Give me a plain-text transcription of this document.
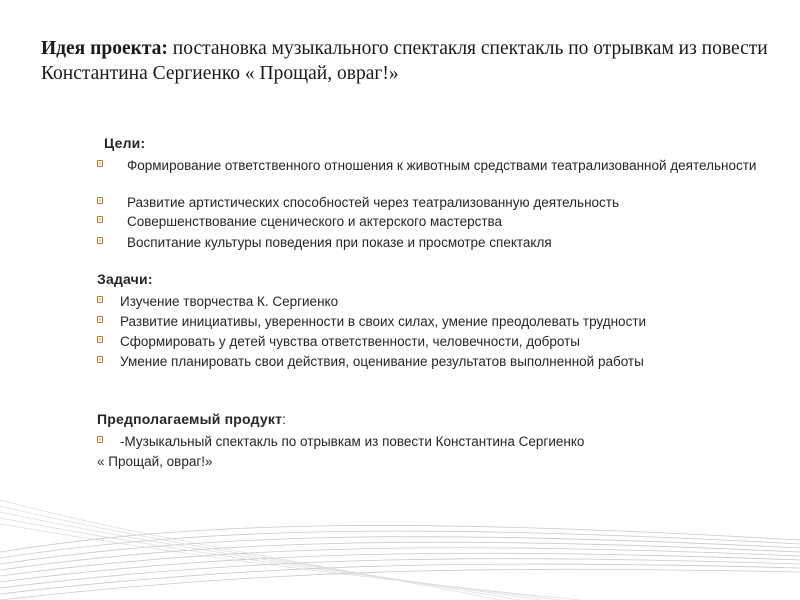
Идея проекта: постановка музыкального спектакля спектакль по отрывкам из повести Константина Сергиенко « Прощай, овраг!»
Цели:
Формирование ответственного отношения к животным средствами театрализованной деятельности
Развитие артистических способностей через театрализованную деятельность
Совершенствование сценического и актерского мастерства
Воспитание культуры поведения при показе и просмотре спектакля
Задачи:
Изучение творчества К. Сергиенко
Развитие инициативы, уверенности в своих силах, умение преодолевать трудности
Сформировать у детей чувства ответственности, человечности, доброты
Умение планировать свои действия, оценивание результатов выполненной работы
Предполагаемый продукт:
-Музыкальный спектакль по отрывкам из повести Константина Сергиенко
« Прощай, овраг!»
